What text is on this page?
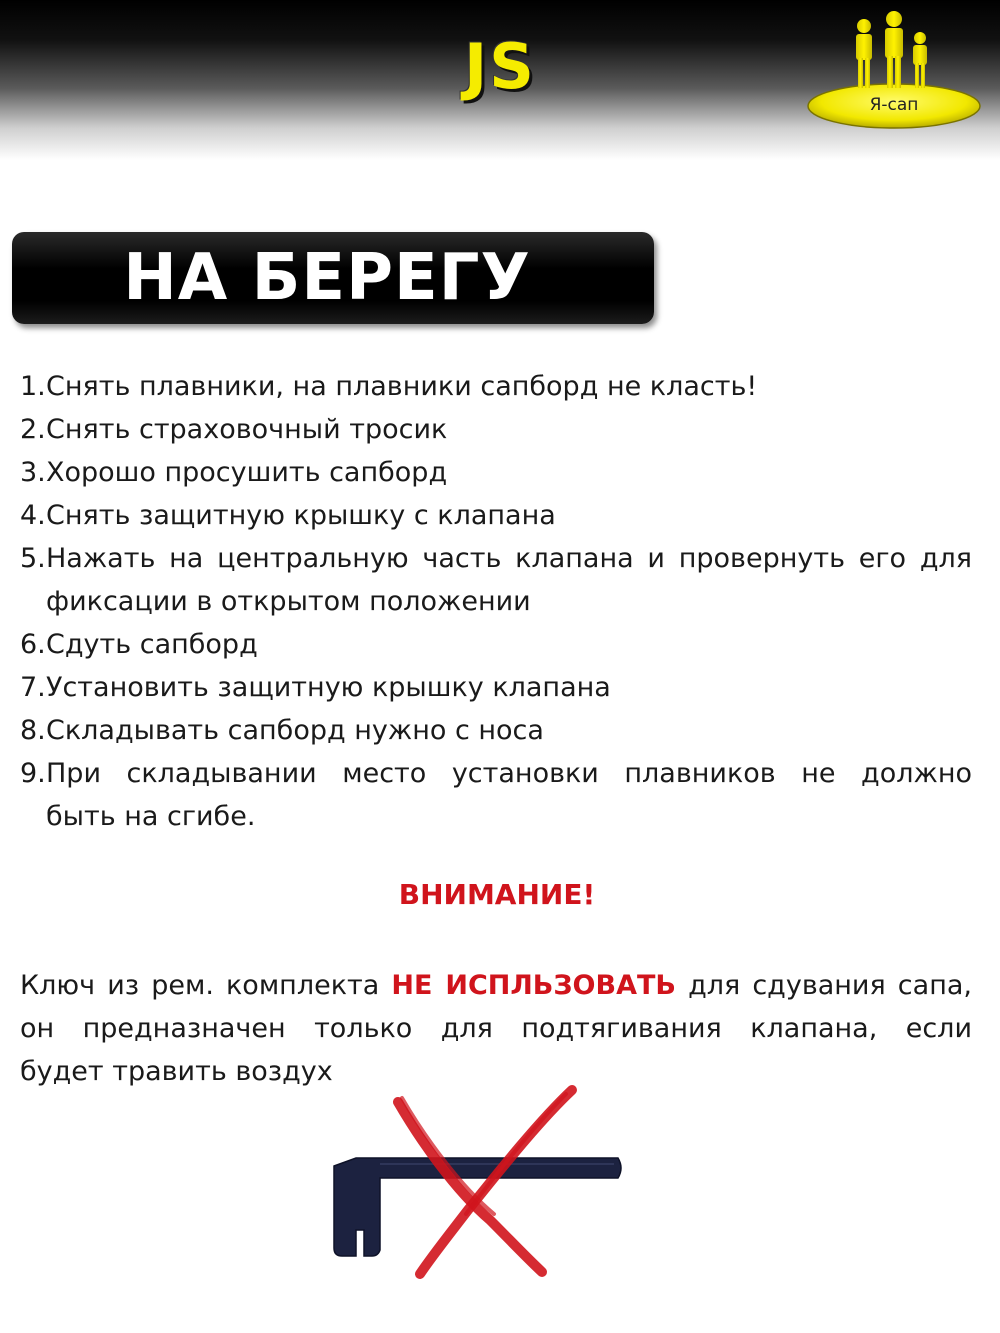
JS
Я-сап
НА БЕРЕГУ
1. Снять плавники, на плавники сапборд не класть!
2. Снять страховочный тросик
3. Хорошо просушить сапборд
4. Снять защитную крышку с клапана
5. Нажать на центральную часть клапана и провернуть его для
фиксации в открытом положении
6. Сдуть сапборд
7. Установить защитную крышку клапана
8. Складывать сапборд нужно с носа
9. При складывании место установки плавников не должно
быть на сгибе.
ВНИМАНИЕ!
Ключ из рем. комплекта НЕ ИСПЛЬЗОВАТЬ для сдувания сапа,
он предназначен только для подтягивания клапана, если
будет травить воздух
